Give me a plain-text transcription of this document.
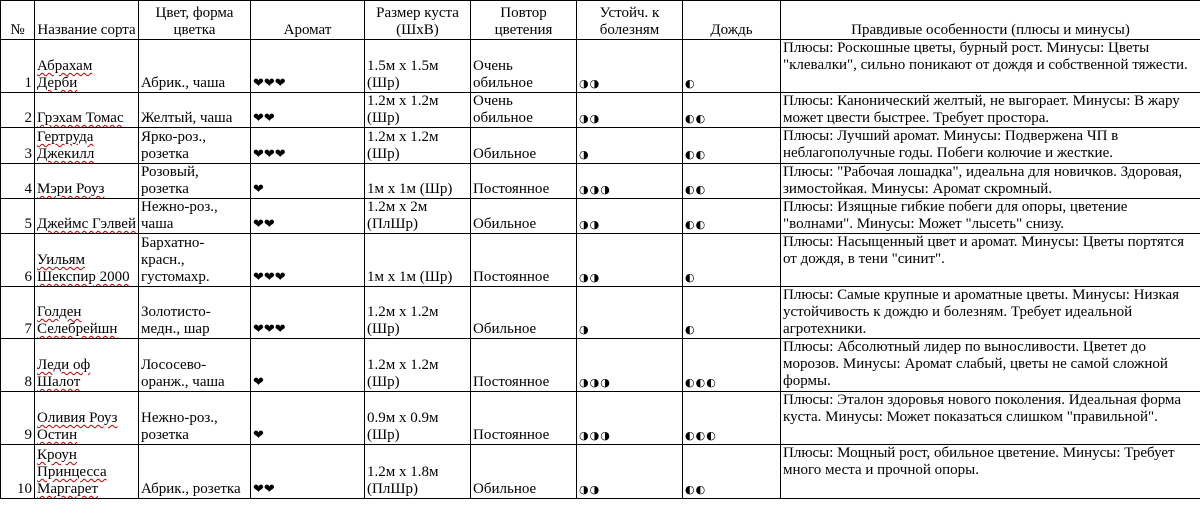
№	Название сорта	Цвет, форма цветка	Аромат	Размер куста (ШхВ)	Повтор цветения	Устойч. к болезням	Дождь	Правдивые особенности (плюсы и минусы)
1	Абрахам Дерби	Абрик., чаша	❤❤❤	1.5м x 1.5м (Шр)	Очень обильное	◑◑	◐	Плюсы: Роскошные цветы, бурный рост. Минусы: Цветы "клевалки", сильно поникают от дождя и собственной тяжести.
2	Грэхам Томас	Желтый, чаша	❤❤	1.2м x 1.2м (Шр)	Очень обильное	◑◑	◐◐	Плюсы: Канонический желтый, не выгорает. Минусы: В жару может цвести быстрее. Требует простора.
3	Гертруда Джекилл	Ярко-роз., розетка	❤❤❤	1.2м x 1.2м (Шр)	Обильное	◑	◐◐	Плюсы: Лучший аромат. Минусы: Подвержена ЧП в неблагополучные годы. Побеги колючие и жесткие.
4	Мэри Роуз	Розовый, розетка	❤	1м x 1м (Шр)	Постоянное	◑◑◑	◐◐	Плюсы: "Рабочая лошадка", идеальна для новичков. Здоровая, зимостойкая. Минусы: Аромат скромный.
5	Джеймс Гэлвей	Нежно-роз., чаша	❤❤	1.2м x 2м (ПлШр)	Обильное	◑◑	◐◐	Плюсы: Изящные гибкие побеги для опоры, цветение "волнами". Минусы: Может "лысеть" снизу.
6	Уильям Шекспир 2000	Бархатно-красн., густомахр.	❤❤❤	1м x 1м (Шр)	Постоянное	◑◑	◐	Плюсы: Насыщенный цвет и аромат. Минусы: Цветы портятся от дождя, в тени "синит".
7	Голден Селебрейшн	Золотисто-медн., шар	❤❤❤	1.2м x 1.2м (Шр)	Обильное	◑	◐	Плюсы: Самые крупные и ароматные цветы. Минусы: Низкая устойчивость к дождю и болезням. Требует идеальной агротехники.
8	Леди оф Шалот	Лососево-оранж., чаша	❤	1.2м x 1.2м (Шр)	Постоянное	◑◑◑	◐◐◐	Плюсы: Абсолютный лидер по выносливости. Цветет до морозов. Минусы: Аромат слабый, цветы не самой сложной формы.
9	Оливия Роуз Остин	Нежно-роз., розетка	❤	0.9м x 0.9м (Шр)	Постоянное	◑◑◑	◐◐◐	Плюсы: Эталон здоровья нового поколения. Идеальная форма куста. Минусы: Может показаться слишком "правильной".
10	Кроун Принцесса Маргарет	Абрик., розетка	❤❤	1.2м x 1.8м (ПлШр)	Обильное	◑◑	◐◐	Плюсы: Мощный рост, обильное цветение. Минусы: Требует много места и прочной опоры.
